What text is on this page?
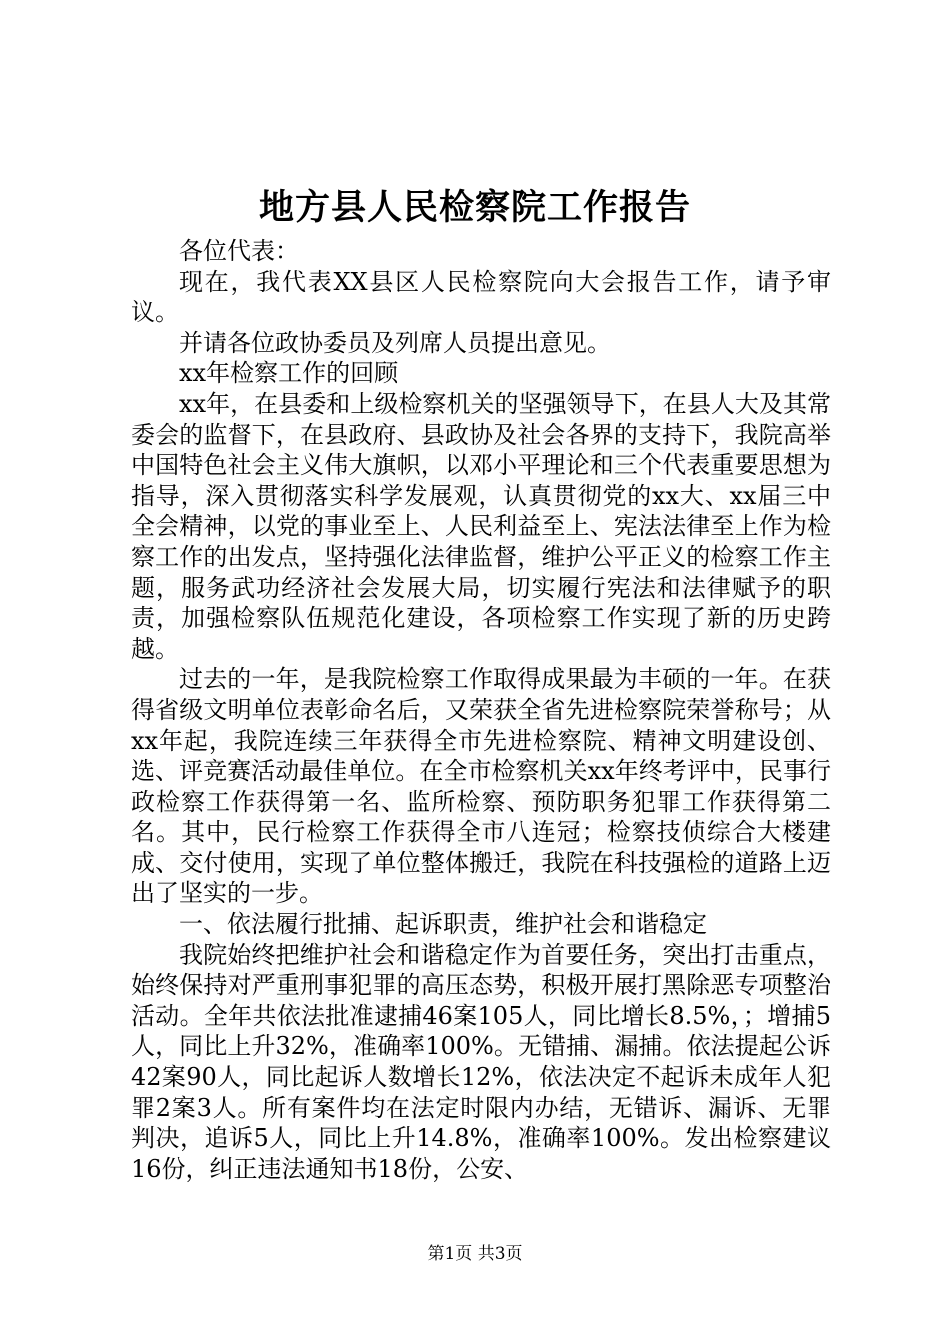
地方县人民检察院工作报告

各位代表：

现在，我代表XX县区人民检察院向大会报告工作，请予审议。

并请各位政协委员及列席人员提出意见。

xx年检察工作的回顾

xx年，在县委和上级检察机关的坚强领导下，在县人大及其常委会的监督下，在县政府、县政协及社会各界的支持下，我院高举中国特色社会主义伟大旗帜，以邓小平理论和三个代表重要思想为指导，深入贯彻落实科学发展观，认真贯彻党的xx大、xx届三中全会精神，以党的事业至上、人民利益至上、宪法法律至上作为检察工作的出发点，坚持强化法律监督，维护公平正义的检察工作主题，服务武功经济社会发展大局，切实履行宪法和法律赋予的职责，加强检察队伍规范化建设，各项检察工作实现了新的历史跨越。

过去的一年，是我院检察工作取得成果最为丰硕的一年。在获得省级文明单位表彰命名后，又荣获全省先进检察院荣誉称号；从xx年起，我院连续三年获得全市先进检察院、精神文明建设创、选、评竞赛活动最佳单位。在全市检察机关xx年终考评中，民事行政检察工作获得第一名、监所检察、预防职务犯罪工作获得第二名。其中，民行检察工作获得全市八连冠；检察技侦综合大楼建成、交付使用，实现了单位整体搬迁，我院在科技强检的道路上迈出了坚实的一步。

一、依法履行批捕、起诉职责，维护社会和谐稳定

我院始终把维护社会和谐稳定作为首要任务，突出打击重点，始终保持对严重刑事犯罪的高压态势，积极开展打黑除恶专项整治活动。全年共依法批准逮捕46案105人，同比增长8.5%，；增捕5人，同比上升32%，准确率100%。无错捕、漏捕。依法提起公诉42案90人，同比起诉人数增长12%，依法决定不起诉未成年人犯罪2案3人。所有案件均在法定时限内办结，无错诉、漏诉、无罪判决，追诉5人，同比上升14.8%，准确率100%。发出检察建议16份，纠正违法通知书18份，公安、

第1页 共3页
